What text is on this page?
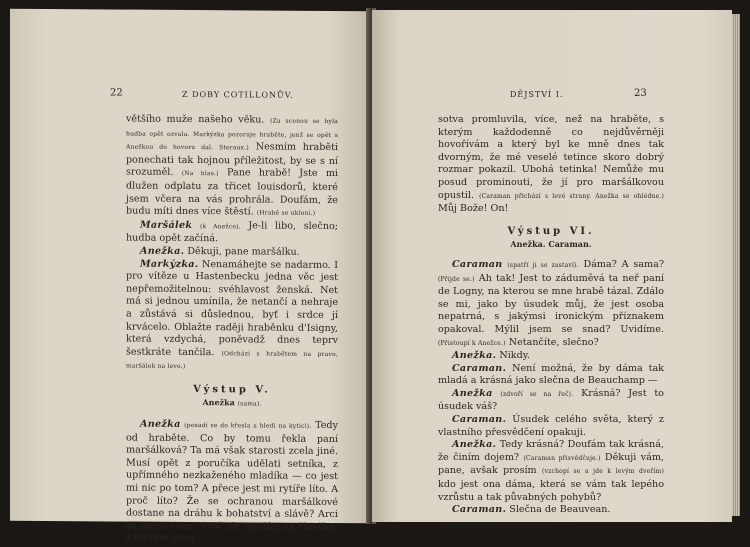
22	Z DOBY COTILLONŮV.

většího muže našeho věku. (Za scenou se hyla hudba opět ozvala. Markýzka pozoruje hraběte, jenž se opět s Anežkou do hovoru dal. Steraux.) Nesmím hraběti ponechati tak hojnou příležitost, by se s ní srozuměl. (Na hlas.) Pane hrabě! Jste mi dlužen odplatu za třicet louisdorů, které jsem včera na vás prohrála. Doufám, že budu míti dnes více štěstí. (Hrabě se ukloní.)

Maršálek (k Anežce). Je-li libo, slečno; hudba opět začíná.

Anežka. Děkuji, pane maršálku.

Markýzka. Nenamáhejte se nadarmo. I pro vítěze u Hastenbecku jedna věc jest nepřemožitelnou: svéhlavost ženská. Net má si jednou umínila, že netančí a nehraje a zůstává si důslednou, byť i srdce jí krvácelo. Oblažte raději hraběnku d'Isigny, která vzdychá, poněvadž dnes teprv šestkráte tančila. (Odchází s hrabětem na pravo, maršálek na levo.)

Výstup V.
Anežka (sama).

Anežka (posadí se do křesla a hledí na kytici). Tedy od hraběte. Co by tomu řekla paní maršálková? Ta má však starosti zcela jiné. Musí opět z poručíka udělati setníka, z upřímného nezkaženého mladíka — co jest mi nic po tom? A přece jest mi rytíře líto. A proč líto? Že se ochranou maršálkové dostane na dráhu k bohatství a slávě? Arci za jakou cenu! Proč ale myslím na člověka, s kterým jsem

DĚJSTVÍ I.	23

sotva promluvila, více, než na hraběte, s kterým každodenně co nejdůvěrněji hovořívám a který byl ke mně dnes tak dvorným, že mé veselé tetince skoro dobrý rozmar pokazil. Ubohá tetinka! Nemůže mu posud prominouti, že jí pro maršálkovou opustil. (Caraman přichází s levé strany. Anežka se ohlédne.) Můj Bože! On!

Výstup VI.
Anežka. Caraman.

Caraman (spatří ji se zastaví). Dáma? A sama? (Přijde se.) Ah tak! Jest to záduměvá ta neř paní de Logny, na kterou se mne hrabě tázal. Zdálo se mi, jako by úsudek můj, že jest osoba nepatrná, s jakýmsi ironickým příznakem opakoval. Mýlil jsem se snad? Uvidíme. (Přistoupí k Anežce.) Netančíte, slečno?

Anežka. Nikdy.

Caraman. Není možná, že by dáma tak mladá a krásná jako slečna de Beauchamp —

Anežka (zdvoří se na řeč). Krásná? Jest to úsudek váš?

Caraman. Úsudek celého světa, který z vlastního přesvědčení opakuji.

Anežka. Tedy krásná? Doufám tak krásná, že činím dojem? (Caraman přisvědčuje.) Děkuji vám, pane, avšak prosím (vzchopí se a jde k levým dveřím) kdo jest ona dáma, která se vám tak lepého vzrůstu a tak půvabných pohybů?

Caraman. Slečna de Beauvean.
